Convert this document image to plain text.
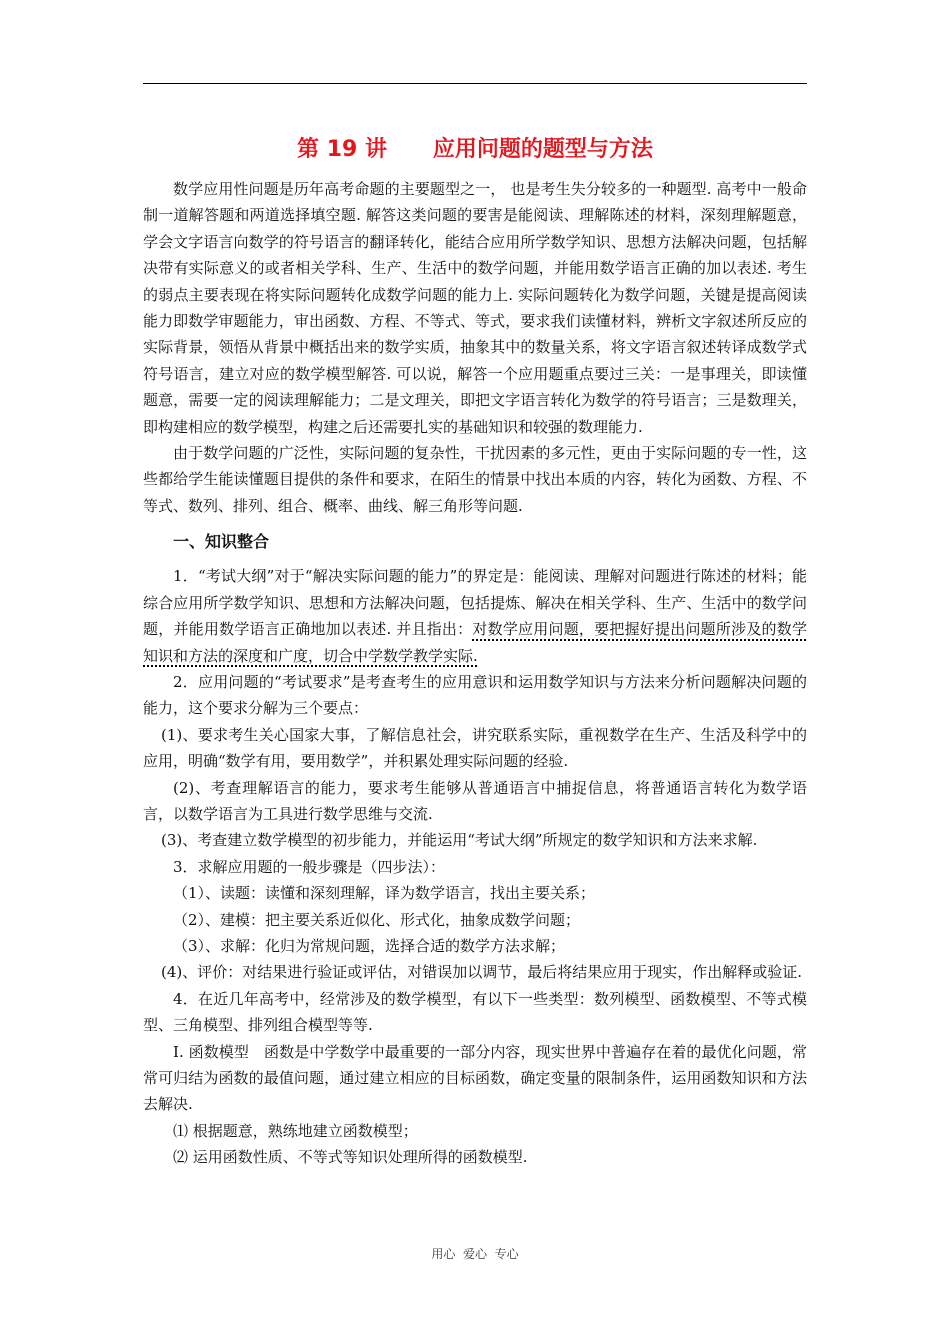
第 19 讲      应用问题的题型与方法

数学应用性问题是历年高考命题的主要题型之一， 也是考生失分较多的一种题型. 高考中一般命制一道解答题和两道选择填空题. 解答这类问题的要害是能阅读、理解陈述的材料，深刻理解题意，学会文字语言向数学的符号语言的翻译转化，能结合应用所学数学知识、思想方法解决问题，包括解决带有实际意义的或者相关学科、生产、生活中的数学问题，并能用数学语言正确的加以表述. 考生的弱点主要表现在将实际问题转化成数学问题的能力上. 实际问题转化为数学问题，关键是提高阅读能力即数学审题能力，审出函数、方程、不等式、等式，要求我们读懂材料，辨析文字叙述所反应的实际背景，领悟从背景中概括出来的数学实质，抽象其中的数量关系，将文字语言叙述转译成数学式符号语言，建立对应的数学模型解答. 可以说，解答一个应用题重点要过三关：一是事理关，即读懂题意，需要一定的阅读理解能力；二是文理关，即把文字语言转化为数学的符号语言；三是数理关，即构建相应的数学模型，构建之后还需要扎实的基础知识和较强的数理能力.

由于数学问题的广泛性，实际问题的复杂性，干扰因素的多元性，更由于实际问题的专一性，这些都给学生能读懂题目提供的条件和要求，在陌生的情景中找出本质的内容，转化为函数、方程、不等式、数列、排列、组合、概率、曲线、解三角形等问题.

一、知识整合

1．“考试大纲”对于“解决实际问题的能力”的界定是：能阅读、理解对问题进行陈述的材料；能综合应用所学数学知识、思想和方法解决问题，包括提炼、解决在相关学科、生产、生活中的数学问题，并能用数学语言正确地加以表述. 并且指出：对数学应用问题，要把握好提出问题所涉及的数学知识和方法的深度和广度，切合中学数学教学实际.

2．应用问题的“考试要求”是考查考生的应用意识和运用数学知识与方法来分析问题解决问题的能力，这个要求分解为三个要点：

(1)、要求考生关心国家大事，了解信息社会，讲究联系实际，重视数学在生产、生活及科学中的应用，明确“数学有用，要用数学”，并积累处理实际问题的经验.

(2)、考查理解语言的能力，要求考生能够从普通语言中捕捉信息，将普通语言转化为数学语言，以数学语言为工具进行数学思维与交流.

(3)、考查建立数学模型的初步能力，并能运用“考试大纲”所规定的数学知识和方法来求解.

3．求解应用题的一般步骤是（四步法）：

（1）、读题：读懂和深刻理解，译为数学语言，找出主要关系；

（2）、建模：把主要关系近似化、形式化，抽象成数学问题；

（3）、求解：化归为常规问题，选择合适的数学方法求解；

(4)、评价：对结果进行验证或评估，对错误加以调节，最后将结果应用于现实，作出解释或验证.

4．在近几年高考中，经常涉及的数学模型，有以下一些类型：数列模型、函数模型、不等式模型、三角模型、排列组合模型等等.

Ⅰ. 函数模型　函数是中学数学中最重要的一部分内容，现实世界中普遍存在着的最优化问题，常常可归结为函数的最值问题，通过建立相应的目标函数，确定变量的限制条件，运用函数知识和方法去解决.

⑴ 根据题意，熟练地建立函数模型；

⑵ 运用函数性质、不等式等知识处理所得的函数模型.

用心  爱心  专心
